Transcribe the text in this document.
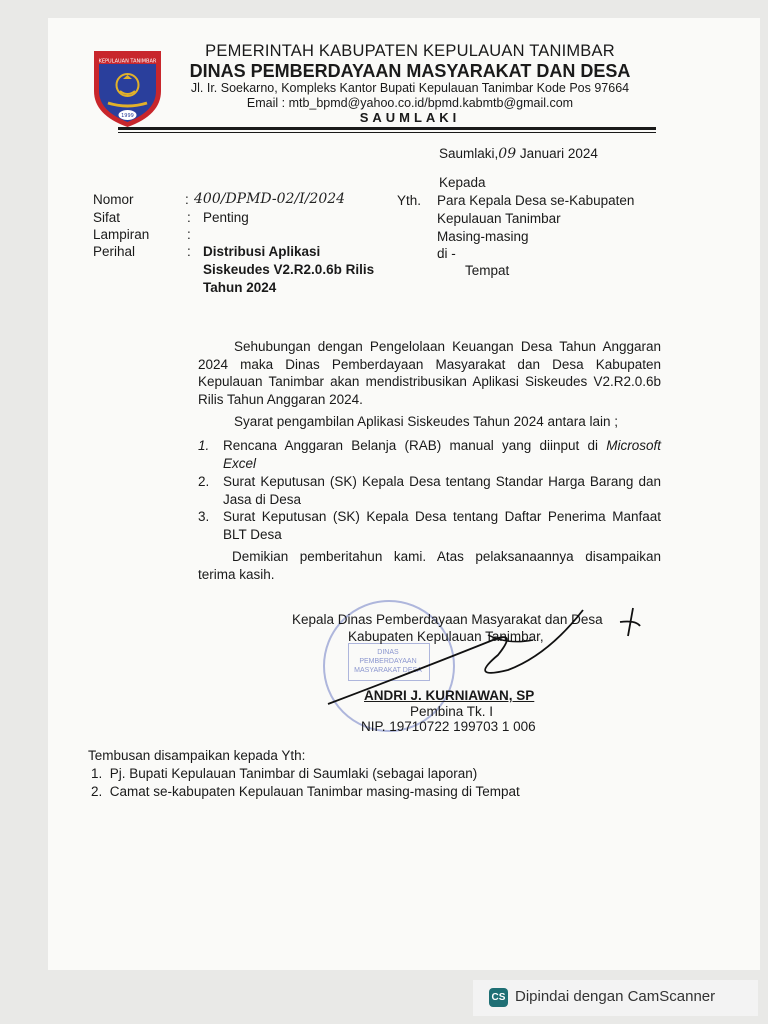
KEPULAUAN TANIMBAR
1999
PEMERINTAH KABUPATEN KEPULAUAN TANIMBAR
DINAS PEMBERDAYAAN MASYARAKAT DAN DESA
Jl. Ir. Soekarno, Kompleks Kantor Bupati Kepulauan Tanimbar Kode Pos 97664
Email : mtb_bpmd@yahoo.co.id/bpmd.kabmtb@gmail.com
SAUMLAKI
Saumlaki,09 Januari 2024
Kepada
Yth. Para Kepala Desa se-Kabupaten
Kepulauan Tanimbar
Masing-masing
di -
Tempat
Nomor	: 400/DPMD-02/I/2024
Sifat	: Penting
Lampiran	:
Perihal	: Distribusi Aplikasi
Siskeudes V2.R2.0.6b Rilis
Tahun 2024
Sehubungan dengan Pengelolaan Keuangan Desa Tahun Anggaran 2024 maka Dinas Pemberdayaan Masyarakat dan Desa Kabupaten Kepulauan Tanimbar akan mendistribusikan Aplikasi Siskeudes V2.R2.0.6b Rilis Tahun Anggaran 2024.
Syarat pengambilan Aplikasi Siskeudes Tahun 2024 antara lain ;
1. Rencana Anggaran Belanja (RAB) manual yang diinput di Microsoft Excel
2. Surat Keputusan (SK) Kepala Desa tentang Standar Harga Barang dan Jasa di Desa
3. Surat Keputusan (SK) Kepala Desa tentang Daftar Penerima Manfaat BLT Desa
Demikian pemberitahun kami. Atas pelaksanaannya disampaikan terima kasih.
DINAS PEMBERDAYAAN MASYARAKAT DESA
Kepala Dinas Pemberdayaan Masyarakat dan Desa
Kabupaten Kepulauan Tanimbar,
ANDRI J. KURNIAWAN, SP
Pembina Tk. I
NIP. 19710722 199703 1 006
Tembusan disampaikan kepada Yth:
1. Pj. Bupati Kepulauan Tanimbar di Saumlaki (sebagai laporan)
2. Camat se-kabupaten Kepulauan Tanimbar masing-masing di Tempat
CS Dipindai dengan CamScanner
